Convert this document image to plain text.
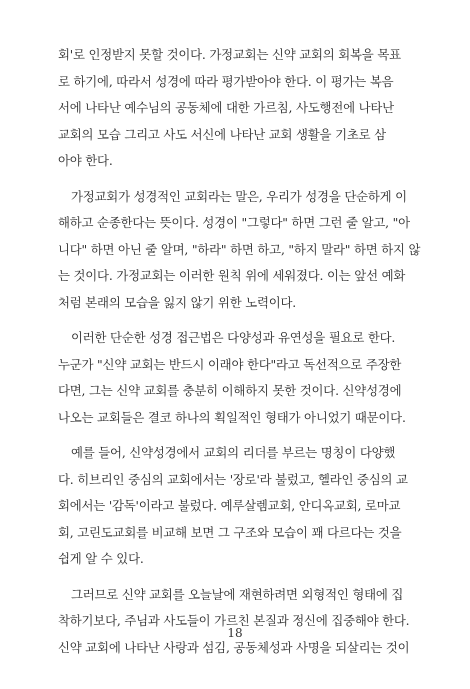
회'로 인정받지 못할 것이다. 가정교회는 신약 교회의 회복을 목표
로 하기에, 따라서 성경에 따라 평가받아야 한다. 이 평가는 복음
서에 나타난 예수님의 공동체에 대한 가르침, 사도행전에 나타난
교회의 모습 그리고 사도 서신에 나타난 교회 생활을 기초로 삼
아야 한다.
가정교회가 성경적인 교회라는 말은, 우리가 성경을 단순하게 이
해하고 순종한다는 뜻이다. 성경이 "그렇다" 하면 그런 줄 알고, "아
니다" 하면 아닌 줄 알며, "하라" 하면 하고, "하지 말라" 하면 하지 않
는 것이다. 가정교회는 이러한 원칙 위에 세워졌다. 이는 앞선 예화
처럼 본래의 모습을 잃지 않기 위한 노력이다.
이러한 단순한 성경 접근법은 다양성과 유연성을 필요로 한다.
누군가 "신약 교회는 반드시 이래야 한다"라고 독선적으로 주장한
다면, 그는 신약 교회를 충분히 이해하지 못한 것이다. 신약성경에
나오는 교회들은 결코 하나의 획일적인 형태가 아니었기 때문이다.
예를 들어, 신약성경에서 교회의 리더를 부르는 명칭이 다양했
다. 히브리인 중심의 교회에서는 '장로'라 불렀고, 헬라인 중심의 교
회에서는 '감독'이라고 불렀다. 예루살렘교회, 안디옥교회, 로마교
회, 고린도교회를 비교해 보면 그 구조와 모습이 꽤 다르다는 것을
쉽게 알 수 있다.
그러므로 신약 교회를 오늘날에 재현하려면 외형적인 형태에 집
착하기보다, 주님과 사도들이 가르친 본질과 정신에 집중해야 한다.
신약 교회에 나타난 사랑과 섬김, 공동체성과 사명을 되살리는 것이
18
